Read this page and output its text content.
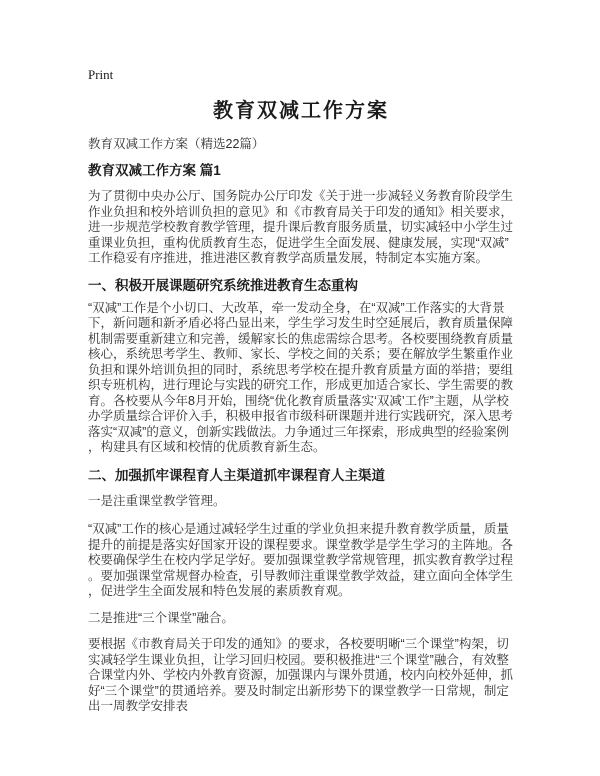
Print
教育双减工作方案

教育双减工作方案（精选22篇）

教育双减工作方案 篇1

为了贯彻中央办公厅、国务院办公厅印发《关于进一步减轻义务教育阶段学生作业负担和校外培训负担的意见》和《市教育局关于印发的通知》相关要求，进一步规范学校教育教学管理，提升课后教育服务质量，切实减轻中小学生过重课业负担，重构优质教育生态，促进学生全面发展、健康发展，实现“双减”工作稳妥有序推进，推进港区教育教学高质量发展，特制定本实施方案。

一、积极开展课题研究系统推进教育生态重构

“双减”工作是个小切口、大改革，牵一发动全身，在“双减”工作落实的大背景下，新问题和新矛盾必将凸显出来，学生学习发生时空延展后，教育质量保障机制需要重新建立和完善，缓解家长的焦虑需综合思考。各校要围绕教育质量核心，系统思考学生、教师、家长、学校之间的关系；要在解放学生繁重作业负担和课外培训负担的同时，系统思考学校在提升教育质量方面的举措；要组织专班机构，进行理论与实践的研究工作，形成更加适合家长、学生需要的教育。各校要从今年8月开始，围绕“优化教育质量落实‘双减’工作”主题，从学校办学质量综合评价入手，积极申报省市级科研课题并进行实践研究，深入思考落实“双减”的意义，创新实践做法。力争通过三年探索，形成典型的经验案例，构建具有区域和校情的优质教育新生态。

二、加强抓牢课程育人主渠道抓牢课程育人主渠道

一是注重课堂教学管理。

“双减”工作的核心是通过减轻学生过重的学业负担来提升教育教学质量，质量提升的前提是落实好国家开设的课程要求。课堂教学是学生学习的主阵地。各校要确保学生在校内学足学好。要加强课堂教学常规管理，抓实教育教学过程。要加强课堂常规督办检查，引导教师注重课堂教学效益，建立面向全体学生，促进学生全面发展和特色发展的素质教育观。

二是推进“三个课堂”融合。

要根据《市教育局关于印发的通知》的要求，各校要明晰“三个课堂”构架，切实减轻学生课业负担，让学习回归校园。要积极推进“三个课堂”融合，有效整合课堂内外、学校内外教育资源，加强课内与课外贯通，校内向校外延伸，抓好“三个课堂”的贯通培养。要及时制定出新形势下的课堂教学一日常规，制定出一周教学安排表
